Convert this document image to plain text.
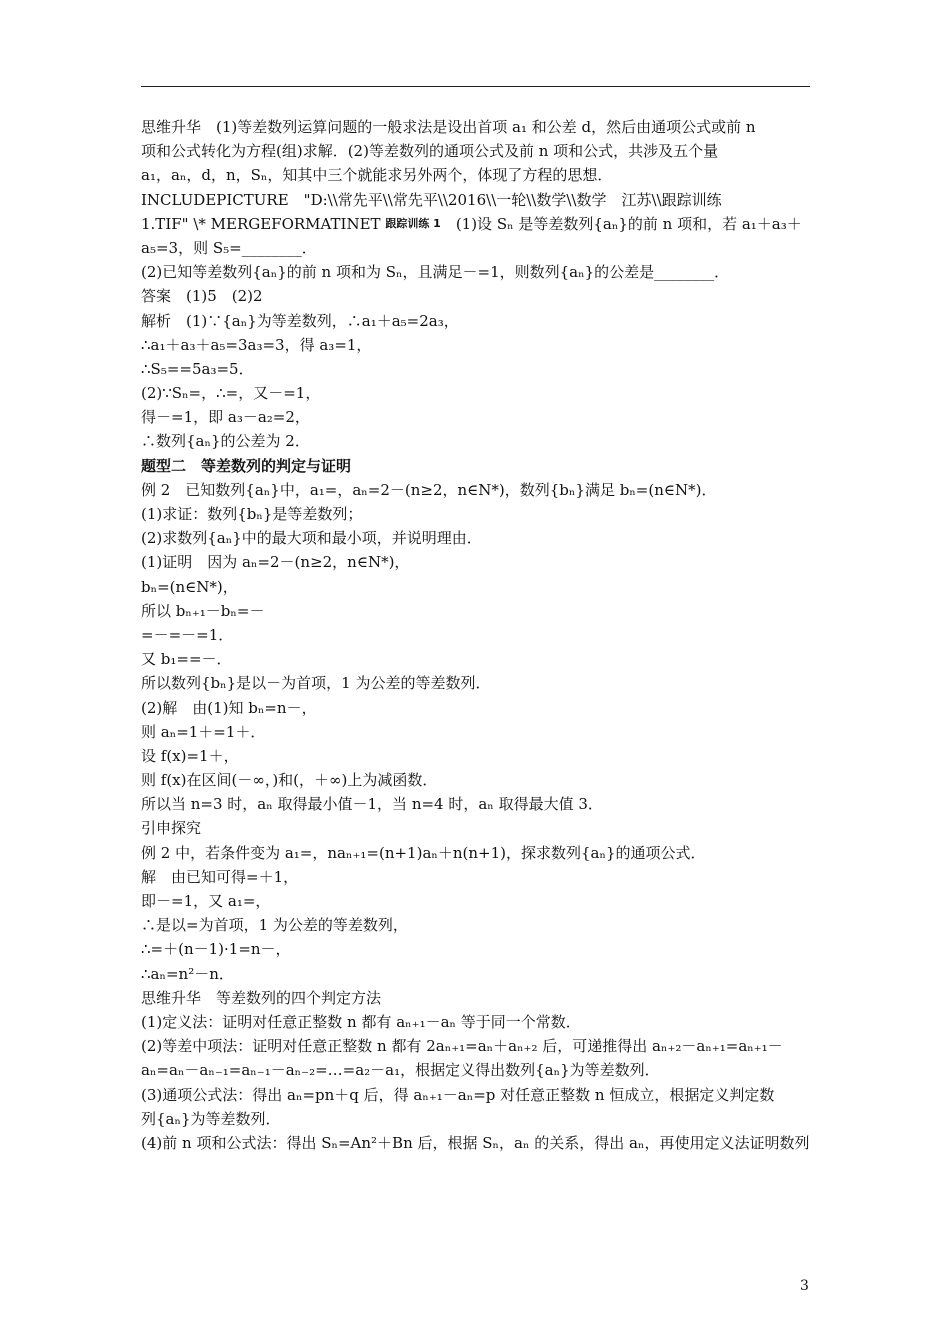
思维升华　(1)等差数列运算问题的一般求法是设出首项 a₁ 和公差 d，然后由通项公式或前 n
项和公式转化为方程(组)求解．(2)等差数列的通项公式及前 n 项和公式，共涉及五个量
a₁，aₙ，d，n，Sₙ，知其中三个就能求另外两个，体现了方程的思想．
INCLUDEPICTURE　"D:\\常先平\\常先平\\2016\\一轮\\数学\\数学　江苏\\跟踪训练
1.TIF" \* MERGEFORMATINET 跟踪训练 1　(1)设 Sₙ 是等差数列{aₙ}的前 n 项和，若 a₁＋a₃＋
a₅=3，则 S₅=________．
(2)已知等差数列{aₙ}的前 n 项和为 Sₙ，且满足－=1，则数列{aₙ}的公差是________．
答案　(1)5　(2)2
解析　(1)∵{aₙ}为等差数列，∴a₁＋a₅=2a₃，
∴a₁＋a₃＋a₅=3a₃=3，得 a₃=1，
∴S₅==5a₃=5．
(2)∵Sₙ=，∴=，又－=1，
得－=1，即 a₃－a₂=2，
∴数列{aₙ}的公差为 2．
题型二　等差数列的判定与证明
例 2　已知数列{aₙ}中，a₁=，aₙ=2－(n≥2，n∈N*)，数列{bₙ}满足 bₙ=(n∈N*)．
(1)求证：数列{bₙ}是等差数列；
(2)求数列{aₙ}中的最大项和最小项，并说明理由．
(1)证明　因为 aₙ=2－(n≥2，n∈N*)，
bₙ=(n∈N*)，
所以 bₙ₊₁－bₙ=－
=－=－=1．
又 b₁==－．
所以数列{bₙ}是以－为首项，1 为公差的等差数列．
(2)解　由(1)知 bₙ=n－，
则 aₙ=1＋=1＋．
设 f(x)=1＋，
则 f(x)在区间(－∞，)和(，＋∞)上为减函数．
所以当 n=3 时，aₙ 取得最小值－1，当 n=4 时，aₙ 取得最大值 3．
引申探究
例 2 中，若条件变为 a₁=，naₙ₊₁=(n+1)aₙ＋n(n+1)，探求数列{aₙ}的通项公式．
解　由已知可得=＋1，
即－=1，又 a₁=，
∴是以=为首项，1 为公差的等差数列，
∴=＋(n－1)·1=n－，
∴aₙ=n²－n．
思维升华　等差数列的四个判定方法
(1)定义法：证明对任意正整数 n 都有 aₙ₊₁－aₙ 等于同一个常数．
(2)等差中项法：证明对任意正整数 n 都有 2aₙ₊₁=aₙ＋aₙ₊₂ 后，可递推得出 aₙ₊₂－aₙ₊₁=aₙ₊₁－
aₙ=aₙ－aₙ₋₁=aₙ₋₁－aₙ₋₂=…=a₂－a₁，根据定义得出数列{aₙ}为等差数列．
(3)通项公式法：得出 aₙ=pn＋q 后，得 aₙ₊₁－aₙ=p 对任意正整数 n 恒成立，根据定义判定数
列{aₙ}为等差数列．
(4)前 n 项和公式法：得出 Sₙ=An²＋Bn 后，根据 Sₙ，aₙ 的关系，得出 aₙ，再使用定义法证明数列
3
